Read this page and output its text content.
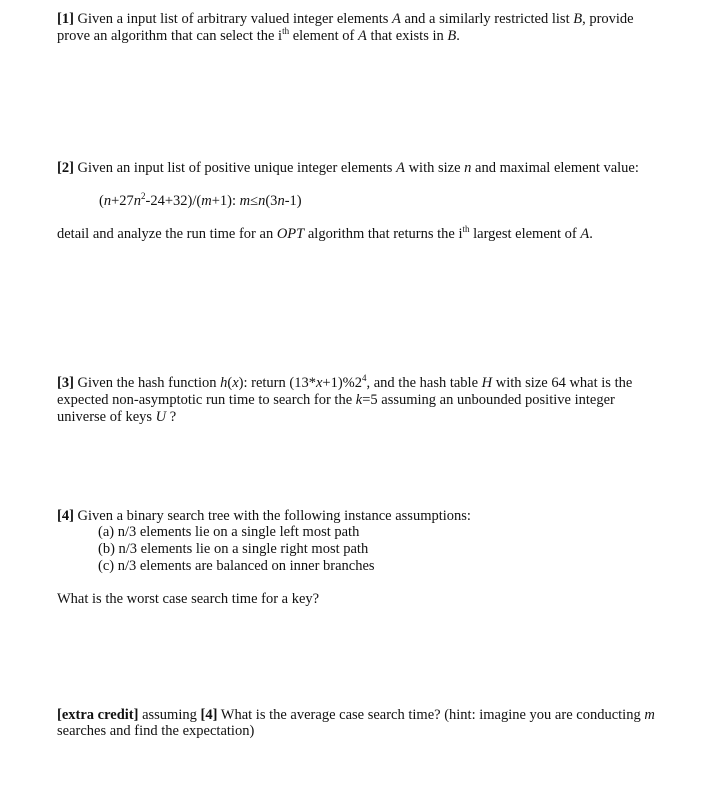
[1] Given a input list of arbitrary valued integer elements A and a similarly restricted list B, provide
prove an algorithm that can select the $i^{th}$ element of A that exists in B.
[2] Given an input list of positive unique integer elements A with size n and maximal element value:
$(n+27n^2-24+32)/(m+1)$: m≤n(3n-1)
detail and analyze the run time for an OPT algorithm that returns the $i^{th}$ largest element of A.
[3] Given the hash function h(x): return $(13*x+1)\%2^4$, and the hash table H with size 64 what is the
expected non-asymptotic run time to search for the k=5 assuming an unbounded positive integer
universe of keys U ?
[4] Given a binary search tree with the following instance assumptions:
(a) n/3 elements lie on a single left most path
(b) n/3 elements lie on a single right most path
(c) n/3 elements are balanced on inner branches
What is the worst case search time for a key?
[extra credit] assuming [4] What is the average case search time? (hint: imagine you are conducting m
searches and find the expectation)
